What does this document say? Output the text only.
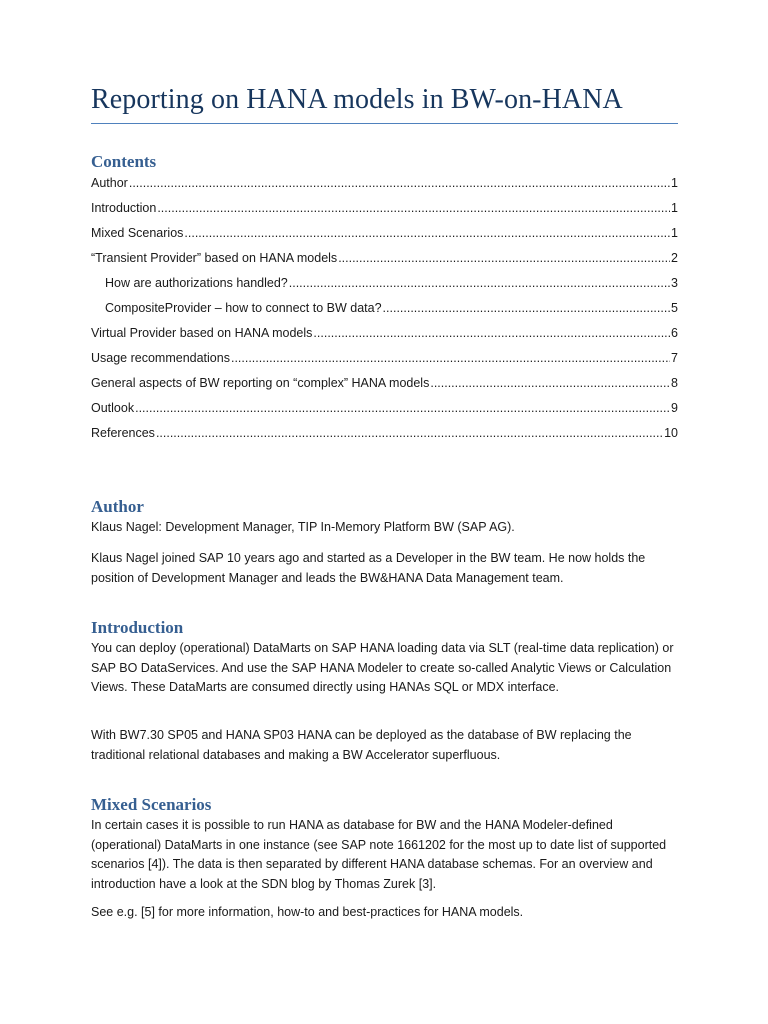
Reporting on HANA models in BW-on-HANA
Contents
Author .....	1
Introduction .....	1
Mixed Scenarios .....	1
“Transient Provider” based on HANA models .....	2
How are authorizations handled? .....	3
CompositeProvider – how to connect to BW data? .....	5
Virtual Provider based on HANA models .....	6
Usage recommendations .....	7
General aspects of BW reporting on “complex” HANA models .....	8
Outlook .....	9
References .....	10
Author

Klaus Nagel: Development Manager, TIP In-Memory Platform BW (SAP AG).

Klaus Nagel joined SAP 10 years ago and started as a Developer in the BW team. He now holds the position of Development Manager and leads the BW&HANA Data Management team.

Introduction

You can deploy (operational) DataMarts on SAP HANA loading data via SLT (real-time data replication) or SAP BO DataServices. And use the SAP HANA Modeler to create so-called Analytic Views or Calculation Views. These DataMarts are consumed directly using HANAs SQL or MDX interface.

With BW7.30 SP05 and HANA SP03 HANA can be deployed as the database of BW replacing the traditional relational databases and making a BW Accelerator superfluous.

Mixed Scenarios

In certain cases it is possible to run HANA as database for BW and the HANA Modeler-defined (operational) DataMarts in one instance (see SAP note 1661202 for the most up to date list of supported scenarios [4]). The data is then separated by different HANA database schemas. For an overview and introduction have a look at the SDN blog by Thomas Zurek [3].

See e.g. [5] for more information, how-to and best-practices for HANA models.
